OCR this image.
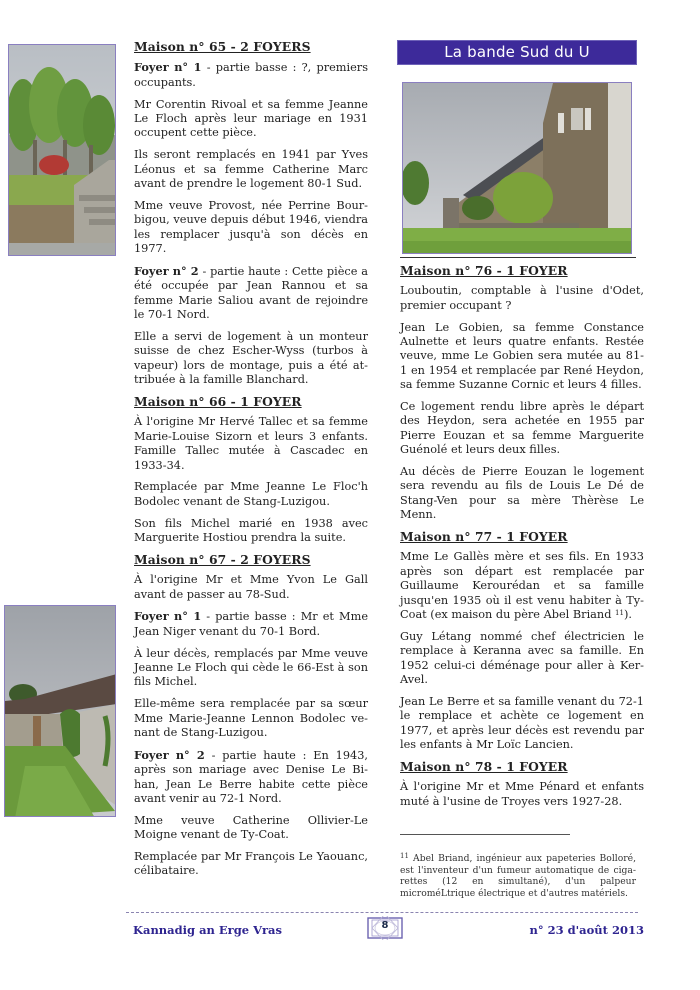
La bande Sud du U
Maison n° 65 - 2 FOYERS

Foyer n° 1 - partie basse : ?, premiers occupants.

Mr Corentin Rivoal et sa femme Jeanne Le Floch après leur mariage en 1931 occupent cette pièce.

Ils seront remplacés en 1941 par Yves Léonus et sa femme Catherine Marc avant de prendre le logement 80-1 Sud.

Mme veuve Provost, née Perrine Bourbigou, veuve depuis début 1946, viendra les remplacer jusqu'à son décès en 1977.

Foyer n° 2 - partie haute : Cette pièce a été occupée par Jean Rannou et sa femme Marie Saliou avant de rejoindre le 70-1 Nord.

Elle a servi de logement à un monteur suisse de chez Escher-Wyss (turbos à vapeur) lors de montage, puis a été attribuée à la famille Blanchard.

Maison n° 66 - 1 FOYER

À l'origine Mr Hervé Tallec et sa femme Marie-Louise Sizorn et leurs 3 enfants. Famille Tallec mutée à Cascadec en 1933-34.

Remplacée par Mme Jeanne Le Floc'h Bodolec venant de Stang-Luzigou.

Son fils Michel marié en 1938 avec Marguerite Hostiou prendra la suite.

Maison n° 67 - 2 FOYERS

À l'origine Mr et Mme Yvon Le Gall avant de passer au 78-Sud.

Foyer n° 1 - partie basse : Mr et Mme Jean Niger venant du 70-1 Bord.

À leur décès, remplacés par Mme veuve Jeanne Le Floch qui cède le 66-Est à son fils Michel.

Elle-même sera remplacée par sa sœur Mme Marie-Jeanne Lennon Bodolec venant de Stang-Luzigou.

Foyer n° 2 - partie haute : En 1943, après son mariage avec Denise Le Bihan, Jean Le Berre habite cette pièce avant venir au 72-1 Nord.

Mme veuve Catherine Ollivier-Le Moigne venant de Ty-Coat.

Remplacée par Mr François Le Yaouanc, célibataire.

Maison n° 76 - 1 FOYER

Louboutin, comptable à l'usine d'Odet, premier occupant ?

Jean Le Gobien, sa femme Constance Aulnette et leurs quatre enfants. Restée veuve, mme Le Gobien sera mutée au 81-1 en 1954 et remplacée par René Heydon, sa femme Suzanne Cornic et leurs 4 filles.

Ce logement rendu libre après le départ des Heydon, sera achetée en 1955 par Pierre Eouzan et sa femme Marguerite Guénolé et leurs deux filles.

Au décès de Pierre Eouzan le logement sera revendu au fils de Louis Le Dé de Stang-Ven pour sa mère Thèrèse Le Menn.

Maison n° 77 - 1 FOYER

Mme Le Gallès mère et ses fils. En 1933 après son départ est remplacée par Guillaume Kerourédan et sa famille jusqu'en 1935 où il est venu habiter à Ty-Coat (ex maison du père Abel Briand $^{11}$).

Guy Létang nommé chef électricien le remplace à Keranna avec sa famille. En 1952 celui-ci déménage pour aller à Ker-Avel.

Jean Le Berre et sa famille venant du 72-1 le remplace et achète ce logement en 1977, et après leur décès est revendu par les enfants à Mr Loïc Lancien.

Maison n° 78 - 1 FOYER

À l'origine Mr et Mme Pénard et enfants muté à l'usine de Troyes vers 1927-28.

$^{11}$ Abel Briand, ingénieur aux papeteries Bolloré, est l'inventeur d'un fumeur automatique de cigarettes (12 en simultané), d'un palpeur microméLtrique électrique et d'autres matériels.
Kannadig an Erge Vras	8	n° 23 d'août 2013
